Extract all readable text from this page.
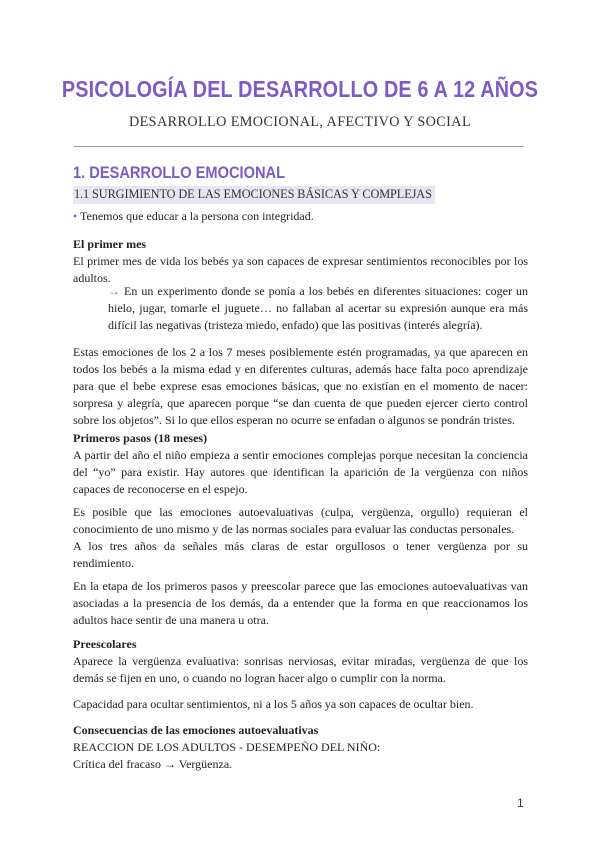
PSICOLOGÍA DEL DESARROLLO DE 6 A 12 AÑOS
DESARROLLO EMOCIONAL, AFECTIVO Y SOCIAL
1. DESARROLLO EMOCIONAL
1.1 SURGIMIENTO DE LAS EMOCIONES BÁSICAS Y COMPLEJAS
• Tenemos que educar a la persona con integridad.
El primer mes
El primer mes de vida los bebés ya son capaces de expresar sentimientos reconocibles por los
adultos.
→ En un experimento donde se ponía a los bebés en diferentes situaciones: coger un
hielo, jugar, tomarle el juguete… no fallaban al acertar su expresión aunque era más
difícil las negativas (tristeza miedo, enfado) que las positivas (interés alegría).
Estas emociones de los 2 a los 7 meses posiblemente estén programadas, ya que aparecen en
todos los bebés a la misma edad y en diferentes culturas, además hace falta poco aprendizaje
para que el bebe exprese esas emociones básicas, que no existían en el momento de nacer:
sorpresa y alegría, que aparecen porque “se dan cuenta de que pueden ejercer cierto control
sobre los objetos”. Si lo que ellos esperan no ocurre se enfadan o algunos se pondrán tristes.
Primeros pasos (18 meses)
A partir del año el niño empieza a sentir emociones complejas porque necesitan la conciencia
del “yo” para existir. Hay autores que identifican la aparición de la vergüenza con niños
capaces de reconocerse en el espejo.
Es posible que las emociones autoevaluativas (culpa, vergüenza, orgullo) requieran el
conocimiento de uno mismo y de las normas sociales para evaluar las conductas personales.
A los tres años da señales más claras de estar orgullosos o tener vergüenza por su
rendimiento.
En la etapa de los primeros pasos y preescolar parece que las emociones autoevaluativas van
asociadas a la presencia de los demás, da a entender que la forma en que reaccionamos los
adultos hace sentir de una manera u otra.
Preescolares
Aparece la vergüenza evaluativa: sonrisas nerviosas, evitar miradas, vergüenza de que los
demás se fijen en uno, o cuando no logran hacer algo o cumplir con la norma.
Capacidad para ocultar sentimientos, ni a los 5 años ya son capaces de ocultar bien.
Consecuencias de las emociones autoevaluativas
REACCION DE LOS ADULTOS - DESEMPEÑO DEL NIÑO:
Crítica del fracaso → Vergüenza.
1
